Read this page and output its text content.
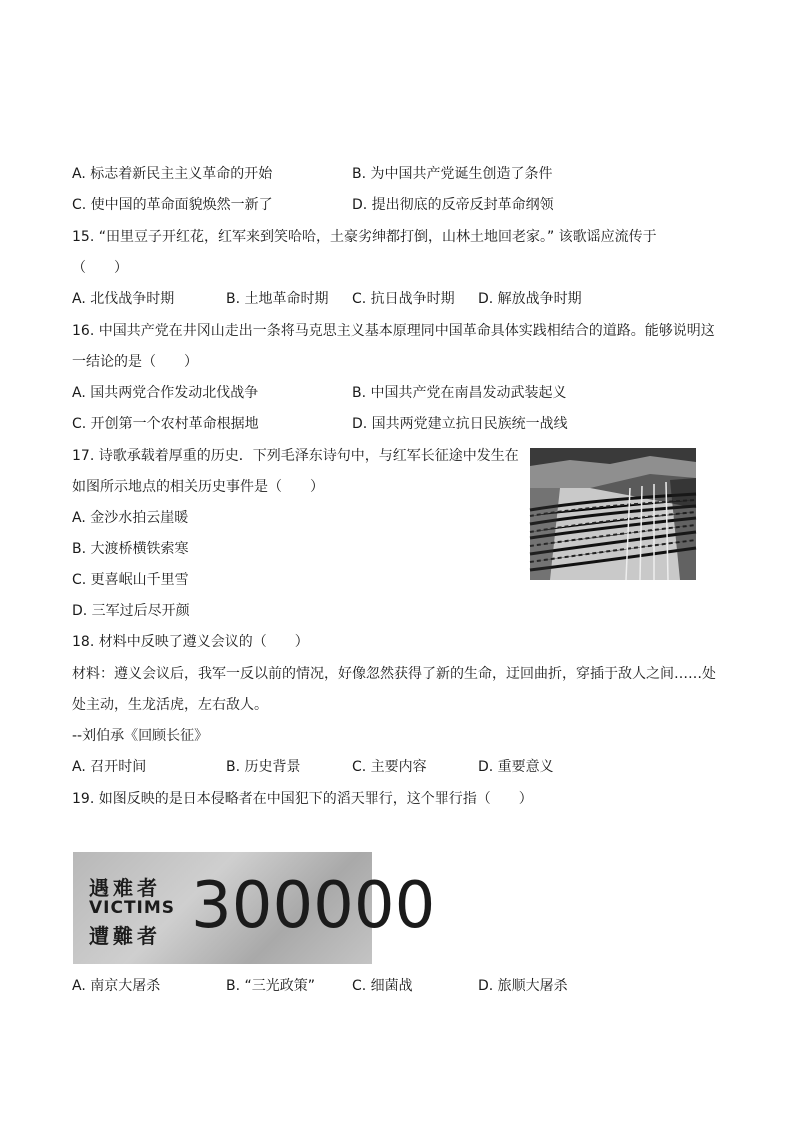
A. 标志着新民主主义革命的开始	B. 为中国共产党诞生创造了条件
C. 使中国的革命面貌焕然一新了	D. 提出彻底的反帝反封革命纲领
15. “田里豆子开红花，红军来到笑哈哈，土豪劣绅都打倒，山林土地回老家。” 该歌谣应流传于
（　　）
A. 北伐战争时期	B. 土地革命时期 C. 抗日战争时期 D. 解放战争时期
16. 中国共产党在井冈山走出一条将马克思主义基本原理同中国革命具体实践相结合的道路。能够说明这
一结论的是（　　）
A. 国共两党合作发动北伐战争	B. 中国共产党在南昌发动武装起义
C. 开创第一个农村革命根据地	D. 国共两党建立抗日民族统一战线
17. 诗歌承载着厚重的历史．下列毛泽东诗句中，与红军长征途中发生在
如图所示地点的相关历史事件是（　　）
A. 金沙水拍云崖暖
B. 大渡桥横铁索寒
C. 更喜岷山千里雪
D. 三军过后尽开颜
18. 材料中反映了遵义会议的（　　）
材料：遵义会议后，我军一反以前的情况，好像忽然获得了新的生命，迂回曲折，穿插于敌人之间……处
处主动，生龙活虎，左右敌人。
--刘伯承《回顾长征》
A. 召开时间	B. 历史背景	C. 主要内容	D. 重要意义
19. 如图反映的是日本侵略者在中国犯下的滔天罪行，这个罪行指（　　）
遇难者
VICTIMS
遭難者 300000
A. 南京大屠杀	B. “三光政策”	C. 细菌战	D. 旅顺大屠杀
